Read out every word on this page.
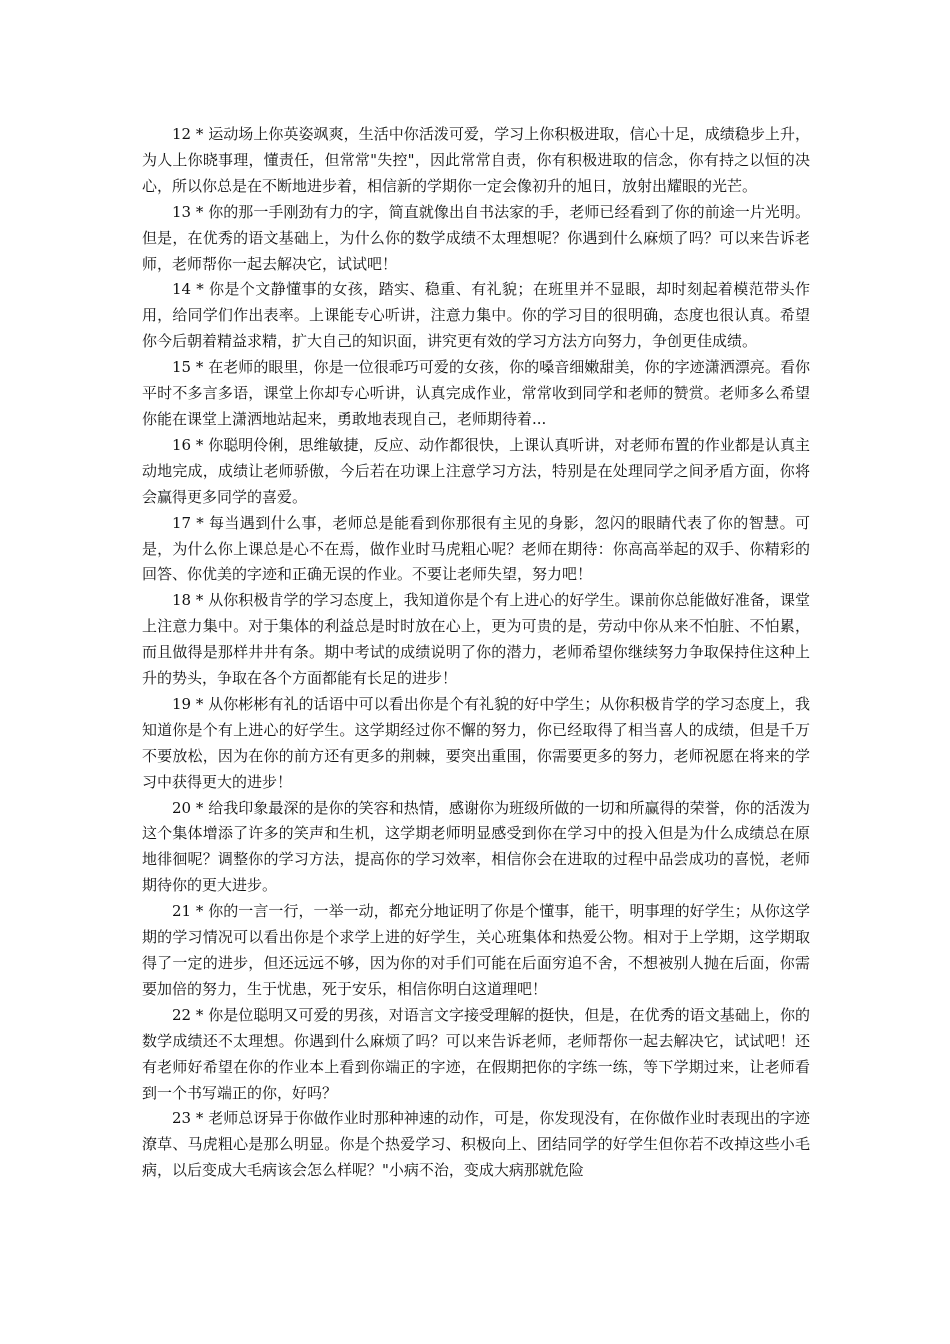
12 * 运动场上你英姿飒爽，生活中你活泼可爱，学习上你积极进取，信心十足，成绩稳步上升，为人上你晓事理，懂责任，但常常"失控"，因此常常自责，你有积极进取的信念，你有持之以恒的决心，所以你总是在不断地进步着，相信新的学期你一定会像初升的旭日，放射出耀眼的光芒。

13 * 你的那一手刚劲有力的字，简直就像出自书法家的手，老师已经看到了你的前途一片光明。但是，在优秀的语文基础上，为什么你的数学成绩不太理想呢？你遇到什么麻烦了吗？可以来告诉老师，老师帮你一起去解决它，试试吧！

14 * 你是个文静懂事的女孩，踏实、稳重、有礼貌；在班里并不显眼，却时刻起着模范带头作用，给同学们作出表率。上课能专心听讲，注意力集中。你的学习目的很明确，态度也很认真。希望你今后朝着精益求精，扩大自己的知识面，讲究更有效的学习方法方向努力，争创更佳成绩。

15 * 在老师的眼里，你是一位很乖巧可爱的女孩，你的嗓音细嫩甜美，你的字迹潇洒漂亮。看你平时不多言多语，课堂上你却专心听讲，认真完成作业，常常收到同学和老师的赞赏。老师多么希望你能在课堂上潇洒地站起来，勇敢地表现自己，老师期待着...

16 * 你聪明伶俐，思维敏捷，反应、动作都很快，上课认真听讲，对老师布置的作业都是认真主动地完成，成绩让老师骄傲，今后若在功课上注意学习方法，特别是在处理同学之间矛盾方面，你将会赢得更多同学的喜爱。

17 * 每当遇到什么事，老师总是能看到你那很有主见的身影，忽闪的眼睛代表了你的智慧。可是，为什么你上课总是心不在焉，做作业时马虎粗心呢？老师在期待：你高高举起的双手、你精彩的回答、你优美的字迹和正确无误的作业。不要让老师失望，努力吧！

18 * 从你积极肯学的学习态度上，我知道你是个有上进心的好学生。课前你总能做好准备，课堂上注意力集中。对于集体的利益总是时时放在心上，更为可贵的是，劳动中你从来不怕脏、不怕累，而且做得是那样井井有条。期中考试的成绩说明了你的潜力，老师希望你继续努力争取保持住这种上升的势头，争取在各个方面都能有长足的进步！

19 * 从你彬彬有礼的话语中可以看出你是个有礼貌的好中学生；从你积极肯学的学习态度上，我知道你是个有上进心的好学生。这学期经过你不懈的努力，你已经取得了相当喜人的成绩，但是千万不要放松，因为在你的前方还有更多的荆棘，要突出重围，你需要更多的努力，老师祝愿在将来的学习中获得更大的进步！

20 * 给我印象最深的是你的笑容和热情，感谢你为班级所做的一切和所赢得的荣誉，你的活泼为这个集体增添了许多的笑声和生机，这学期老师明显感受到你在学习中的投入但是为什么成绩总在原地徘徊呢？调整你的学习方法，提高你的学习效率，相信你会在进取的过程中品尝成功的喜悦，老师期待你的更大进步。

21 * 你的一言一行，一举一动，都充分地证明了你是个懂事，能干，明事理的好学生；从你这学期的学习情况可以看出你是个求学上进的好学生，关心班集体和热爱公物。相对于上学期，这学期取得了一定的进步，但还远远不够，因为你的对手们可能在后面穷追不舍，不想被别人抛在后面，你需要加倍的努力，生于忧患，死于安乐，相信你明白这道理吧！

22 * 你是位聪明又可爱的男孩，对语言文字接受理解的挺快，但是，在优秀的语文基础上，你的数学成绩还不太理想。你遇到什么麻烦了吗？可以来告诉老师，老师帮你一起去解决它，试试吧！还有老师好希望在你的作业本上看到你端正的字迹，在假期把你的字练一练，等下学期过来，让老师看到一个书写端正的你，好吗？

23 * 老师总讶异于你做作业时那种神速的动作，可是，你发现没有，在你做作业时表现出的字迹潦草、马虎粗心是那么明显。你是个热爱学习、积极向上、团结同学的好学生但你若不改掉这些小毛病，以后变成大毛病该会怎么样呢？"小病不治，变成大病那就危险
